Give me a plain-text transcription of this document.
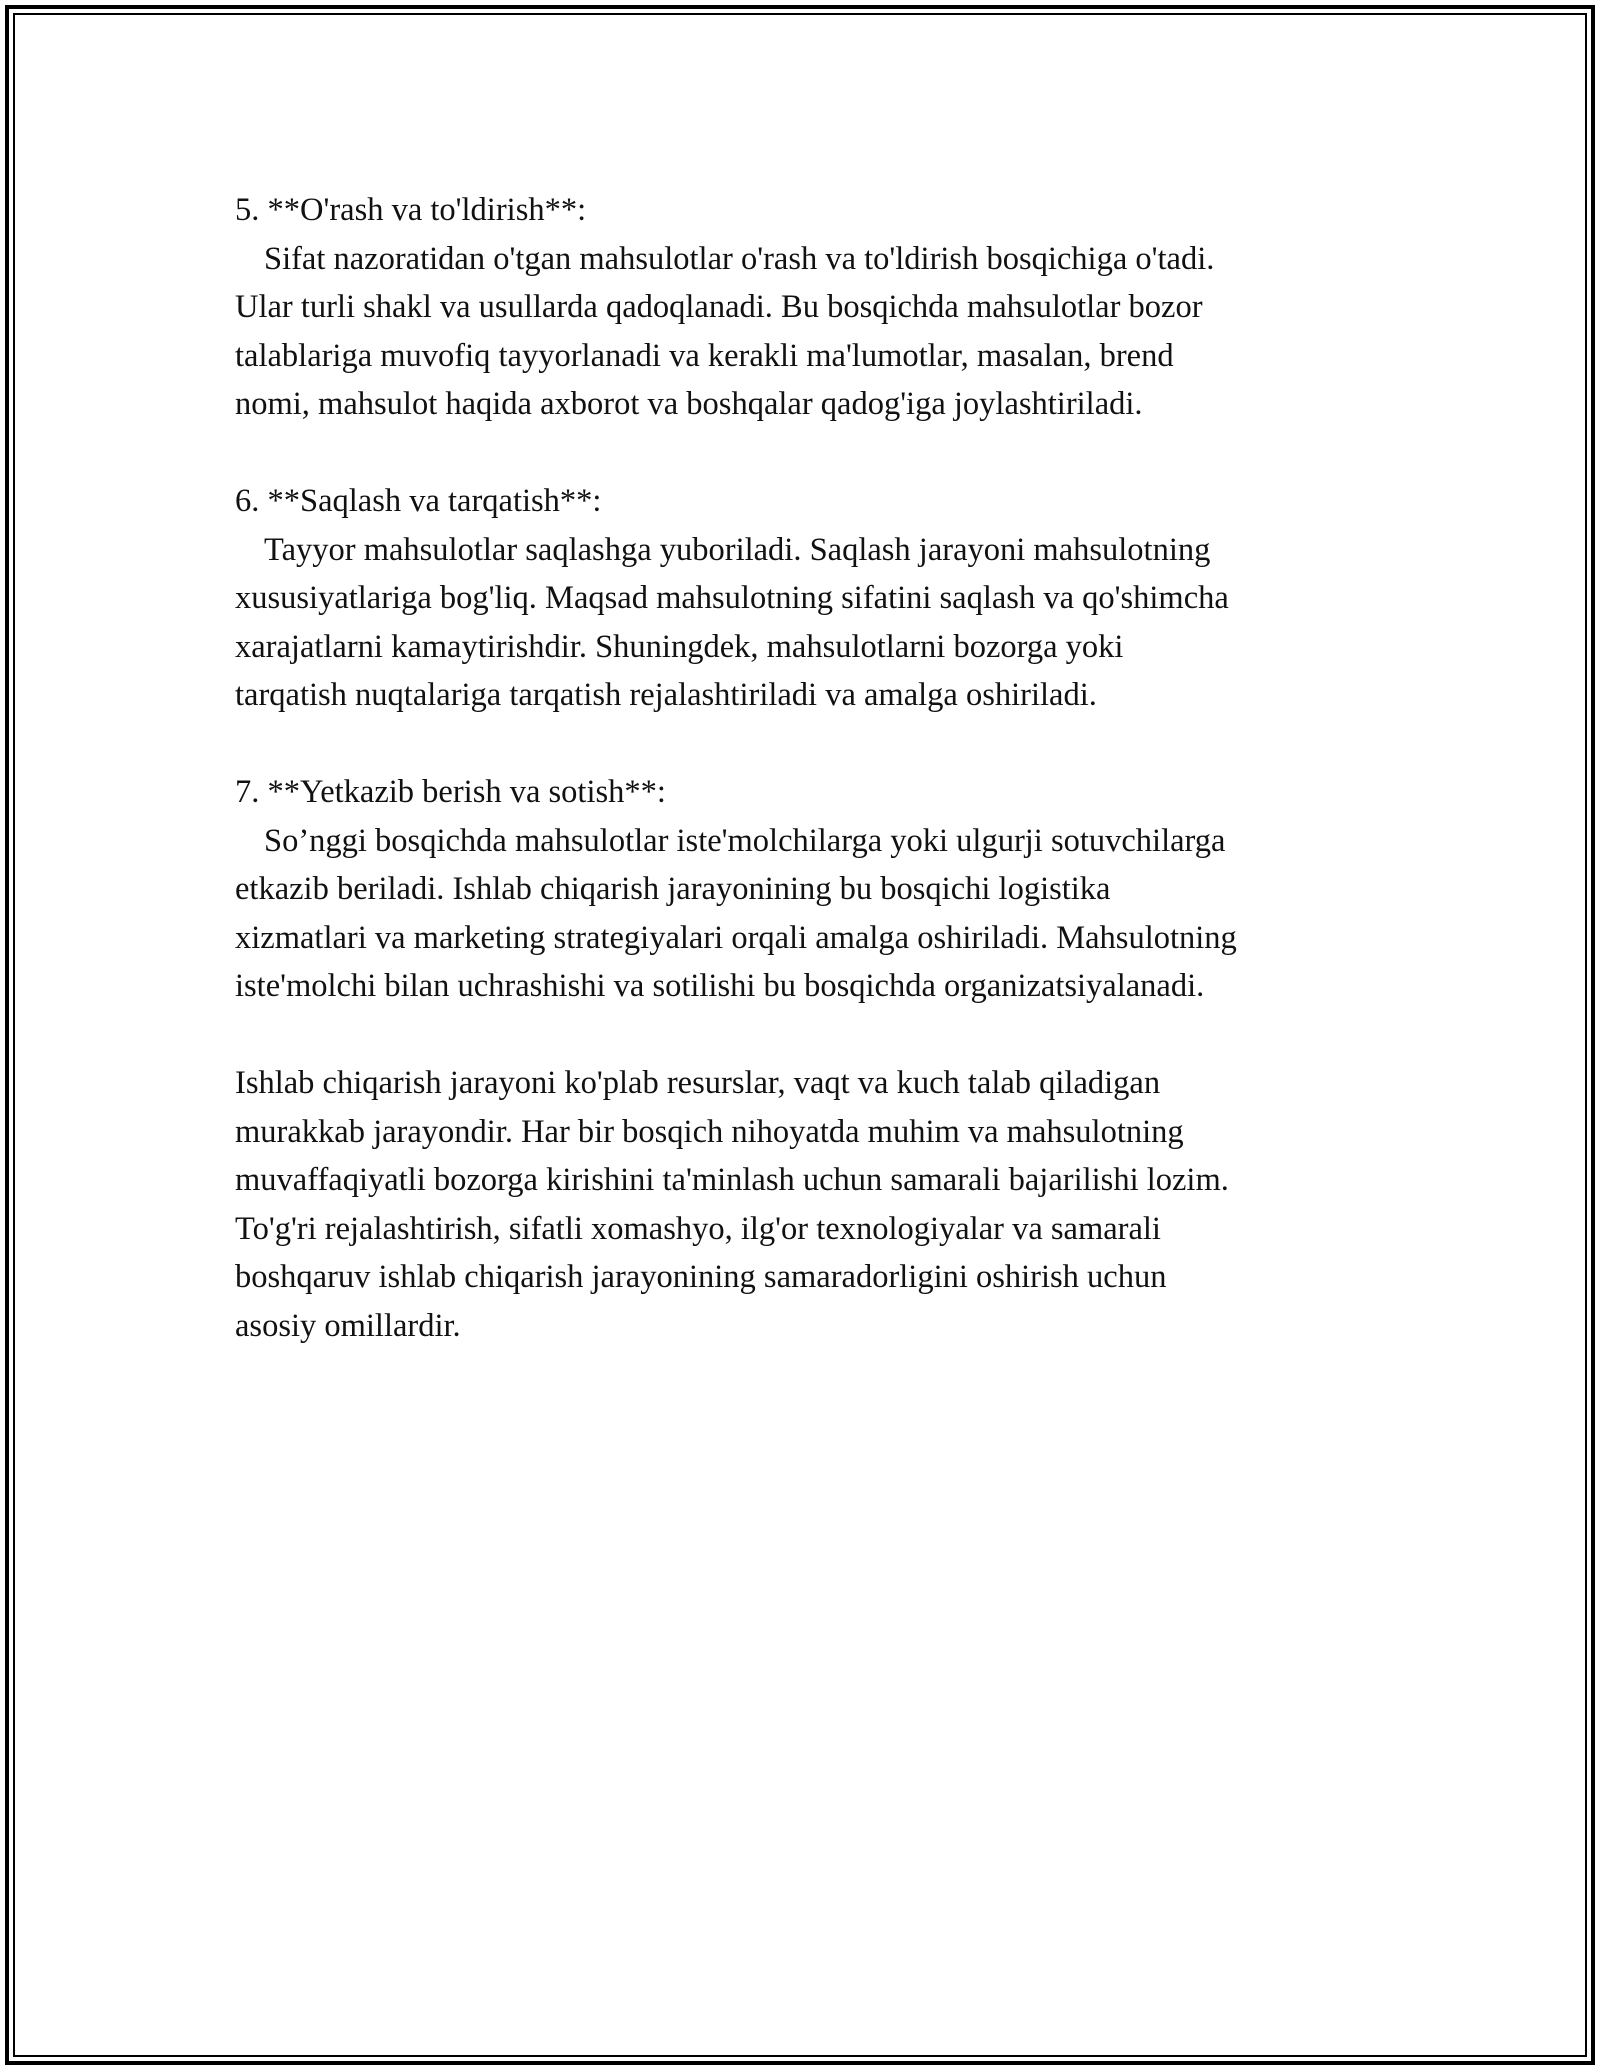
5. **O'rash va to'ldirish**:
Sifat nazoratidan o'tgan mahsulotlar o'rash va to'ldirish bosqichiga o'tadi.
Ular turli shakl va usullarda qadoqlanadi. Bu bosqichda mahsulotlar bozor
talablariga muvofiq tayyorlanadi va kerakli ma'lumotlar, masalan, brend
nomi, mahsulot haqida axborot va boshqalar qadog'iga joylashtiriladi.
6. **Saqlash va tarqatish**:
Tayyor mahsulotlar saqlashga yuboriladi. Saqlash jarayoni mahsulotning
xususiyatlariga bog'liq. Maqsad mahsulotning sifatini saqlash va qo'shimcha
xarajatlarni kamaytirishdir. Shuningdek, mahsulotlarni bozorga yoki
tarqatish nuqtalariga tarqatish rejalashtiriladi va amalga oshiriladi.
7. **Yetkazib berish va sotish**:
So’nggi bosqichda mahsulotlar iste'molchilarga yoki ulgurji sotuvchilarga
etkazib beriladi. Ishlab chiqarish jarayonining bu bosqichi logistika
xizmatlari va marketing strategiyalari orqali amalga oshiriladi. Mahsulotning
iste'molchi bilan uchrashishi va sotilishi bu bosqichda organizatsiyalanadi.
Ishlab chiqarish jarayoni ko'plab resurslar, vaqt va kuch talab qiladigan
murakkab jarayondir. Har bir bosqich nihoyatda muhim va mahsulotning
muvaffaqiyatli bozorga kirishini ta'minlash uchun samarali bajarilishi lozim.
To'g'ri rejalashtirish, sifatli xomashyo, ilg'or texnologiyalar va samarali
boshqaruv ishlab chiqarish jarayonining samaradorligini oshirish uchun
asosiy omillardir.
